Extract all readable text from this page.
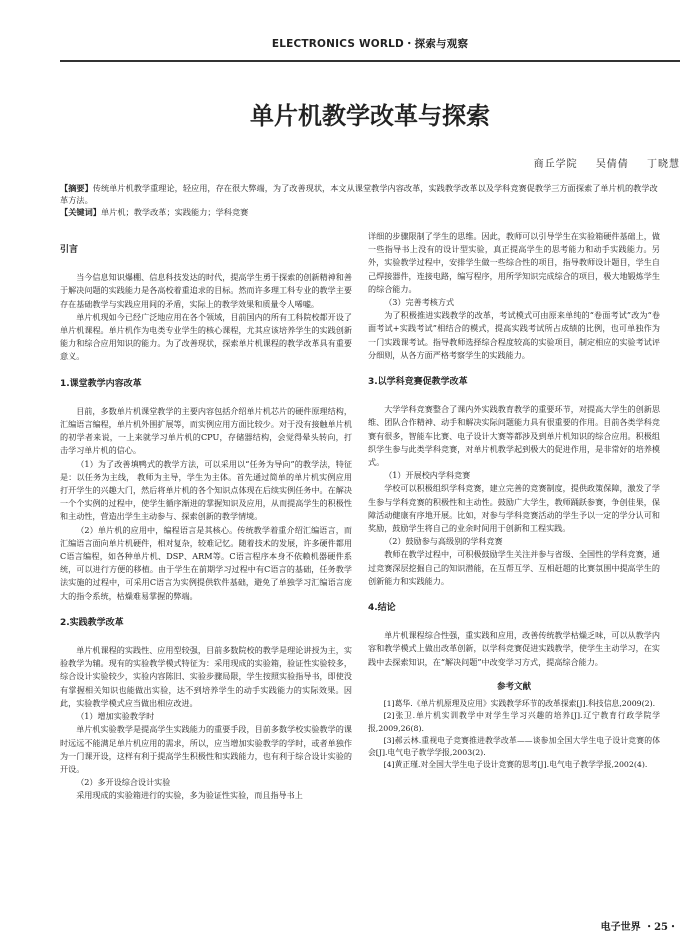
ELECTRONICS WORLD・探索与观察
单片机教学改革与探索
商丘学院 吴倩倩 丁晓慧
【摘要】传统单片机教学重理论，轻应用，存在很大弊端，为了改善现状，本文从课堂教学内容改革，实践教学改革以及学科竞赛促教学三方面探索了单片机的教学改革方法。
【关键词】单片机；教学改革；实践能力；学科竞赛
引言

当今信息知识爆棚、信息科技发达的时代，提高学生勇于探索的创新精神和善于解决问题的实践能力是各高校着重追求的目标。然而许多理工科专业的教学主要存在基础教学与实践应用间的矛盾，实际上的教学效果和质量令人唏嘘。

单片机现如今已经广泛地应用在各个领域，目前国内的所有工科院校都开设了单片机课程。单片机作为电类专业学生的核心课程，尤其应该培养学生的实践创新能力和综合应用知识的能力。为了改善现状，探索单片机课程的教学改革具有重要意义。

1.课堂教学内容改革

目前，多数单片机课堂教学的主要内容包括介绍单片机芯片的硬件原理结构，汇编语言编程，单片机外围扩展等，而实例应用方面比较少。对于没有接触单片机的初学者来说，一上来就学习单片机的CPU，存储器结构，会觉得晕头转向，打击学习单片机的信心。

（1）为了改善填鸭式的教学方法，可以采用以“任务为导向”的教学法，特征是：以任务为主线， 教师为主导，学生为主体。首先通过简单的单片机实例应用打开学生的兴趣大门，然后将单片机的各个知识点体现在后续实例任务中。在解决一个个实例的过程中，使学生循序渐进的掌握知识及应用，从而提高学生的积极性和主动性，营造出学生主动参与、探索创新的教学情境。

（2）单片机的应用中，编程语言是其核心。传统教学着重介绍汇编语言，而汇编语言面向单片机硬件，相对复杂，较难记忆。随着技术的发展，许多硬件都用C语言编程，如各种单片机、DSP、ARM等。C语言程序本身不依赖机器硬件系统，可以进行方便的移植。由于学生在前期学习过程中有C语言的基础，任务教学法实施的过程中，可采用C语言为实例提供软件基础，避免了单独学习汇编语言庞大的指令系统，枯燥难易掌握的弊端。

2.实践教学改革

单片机课程的实践性、应用型较强，目前多数院校的教学是理论讲授为主，实验教学为辅。现有的实验教学模式特征为：采用现成的实验箱，验证性实验较多，综合设计实验较少，实验内容陈旧、实验步骤局限，学生按照实验指导书，即使没有掌握相关知识也能做出实验，达不到培养学生的动手实践能力的实际效果。因此，实验教学模式应当做出相应改进。

（1）增加实验教学时

单片机实验教学是提高学生实践能力的重要手段，目前多数学校实验教学的课时远远不能满足单片机应用的需求，所以，应当增加实验教学的学时，或者单独作为一门课开设，这样有利于提高学生积极性和实践能力，也有利于综合设计实验的开设。

（2）多开设综合设计实验

采用现成的实验箱进行的实验，多为验证性实验，而且指导书上

详细的步骤限制了学生的思维。因此，教师可以引导学生在实验箱硬件基础上，做一些指导书上没有的设计型实验，真正提高学生的思考能力和动手实践能力。另外，实验教学过程中，安排学生做一些综合性的项目，指导教师设计题目，学生自己焊接器件，连接电路，编写程序，用所学知识完成综合的项目，极大地锻炼学生的综合能力。

（3）完善考核方式

为了积极推进实践教学的改革，考试模式可由原来单纯的“卷面考试”改为“卷面考试+实践考试”相结合的模式，提高实践考试所占成绩的比例，也可单独作为一门实践课考试。指导教师选择综合程度较高的实验项目，制定相应的实验考试评分细则，从各方面严格考察学生的实践能力。

3.以学科竞赛促教学改革

大学学科竞赛整合了课内外实践教育教学的重要环节，对提高大学生的创新思维、团队合作精神、动手和解决实际问题能力具有很重要的作用。目前各类学科竞赛有很多，智能车比赛、电子设计大赛等都涉及到单片机知识的综合应用。积极组织学生参与此类学科竞赛，对单片机教学起到极大的促进作用，是非常好的培养模式。

（1）开展校内学科竞赛

学校可以积极组织学科竞赛，建立完善的竞赛制度，提供政策保障，激发了学生参与学科竞赛的积极性和主动性。鼓励广大学生，教师踊跃参赛，争创佳果，保障活动健康有序地开展。比如，对参与学科竞赛活动的学生予以一定的学分认可和奖励，鼓励学生将自己的业余时间用于创新和工程实践。

（2）鼓励参与高级别的学科竞赛

教师在教学过程中，可积极鼓励学生关注并参与省级、全国性的学科竞赛，通过竞赛深层挖掘自己的知识潜能，在互帮互学、互相赶超的比赛氛围中提高学生的创新能力和实践能力。

4.结论

单片机课程综合性强，重实践和应用，改善传统教学枯燥乏味，可以从教学内容和教学模式上做出改革创新，以学科竞赛促进实践教学，使学生主动学习，在实践中去探索知识，在“解决问题”中改变学习方式，提高综合能力。

参考文献

[1]葛华.《单片机原理及应用》实践教学环节的改革探索[J].科技信息,2009(2).

[2]张卫.单片机实训教学中对学生学习兴趣的培养[J].辽宁教育行政学院学报,2009,26(8).

[3]郝云林.重视电子竞赛推进教学改革——谈参加全国大学生电子设计竞赛的体会[J].电气电子教学学报,2003(2).

[4]黄正瑾.对全国大学生电子设计竞赛的思考[J].电气电子教学学报,2002(4).

电子世界 ・25・
